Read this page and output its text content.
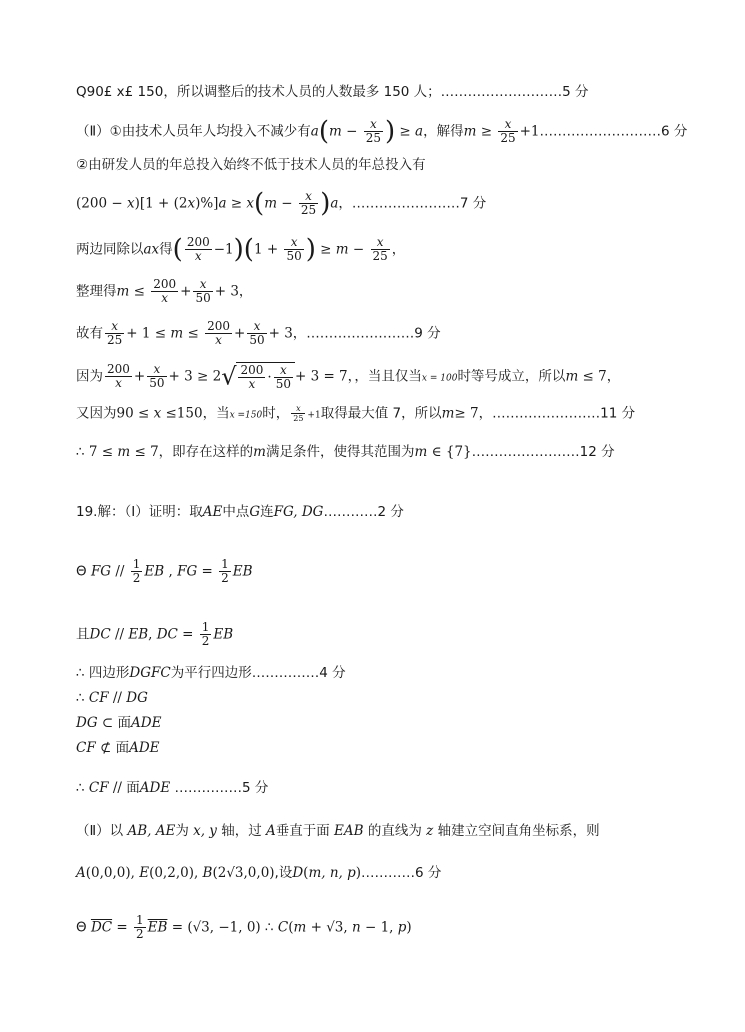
Q90£ x£ 150，所以调整后的技术人员的人数最多 150 人；………………………5 分
（Ⅱ）①由技术人员年人均投入不减少有$a(m - \frac{x}{25}$ ) ≥ a，解得$m \ge \frac{x}{25}$ +1………………………6 分
②由研发人员的年总投入始终不低于技术人员的年总投入有
$(200 - x)[1 + (2x)\%]a \ge x(m - \frac{x}{25} )a$，……………………7 分
两边同除以ax得( $\frac{200}{x} -1)(1 + \frac{x}{50}$ ) ≥ $m - \frac{x}{25}$ ，
整理得$m \le \frac{200}{x} + \frac{x}{50} + 3$，
故有 $\frac{x}{25} + 1 \le m \le \frac{200}{x} + \frac{x}{50} + 3$，……………………9 分
因为 $\frac{200}{x} + \frac{x}{50} + 3 \ge 2√ \frac{200}{x} \cdot \frac{x}{50} + 3 = 7$，，当且仅当x = 100时等号成立，所以m ≤ 7，
又因为90 ≤ x ≤150，当x =150时， $\frac{x}{25} +1$取得最大值 7，所以m≥ 7，……………………11 分
∴ 7 ≤ m ≤ 7，即存在这样的m满足条件，使得其范围为m ∈ {7}……………………12 分
19.解：（Ⅰ）证明：取AE中点G连FG, DG…………2 分
Θ FG // $\frac{1}{2}$ EB , FG = $\frac{1}{2}$ EB
且DC // EB, DC = $\frac{1}{2}$ EB
∴ 四边形DGFC为平行四边形……………4 分
∴ CF // DG
DG ⊂ 面ADE
CF ⊄ 面ADE
∴ CF // 面ADE ……………5 分
（Ⅱ）以 AB, AE为 x, y 轴，过 A垂直于面 EAB 的直线为 z 轴建立空间直角坐标系，则
A(0,0,0), E(0,2,0), B(2√3,0,0),设D(m, n, p)…………6 分
Θ $\overline{DC} = \frac{1}{2} \overline{EB} = (√3$, −1, 0) ∴ C(m + √3, n − 1, p)
